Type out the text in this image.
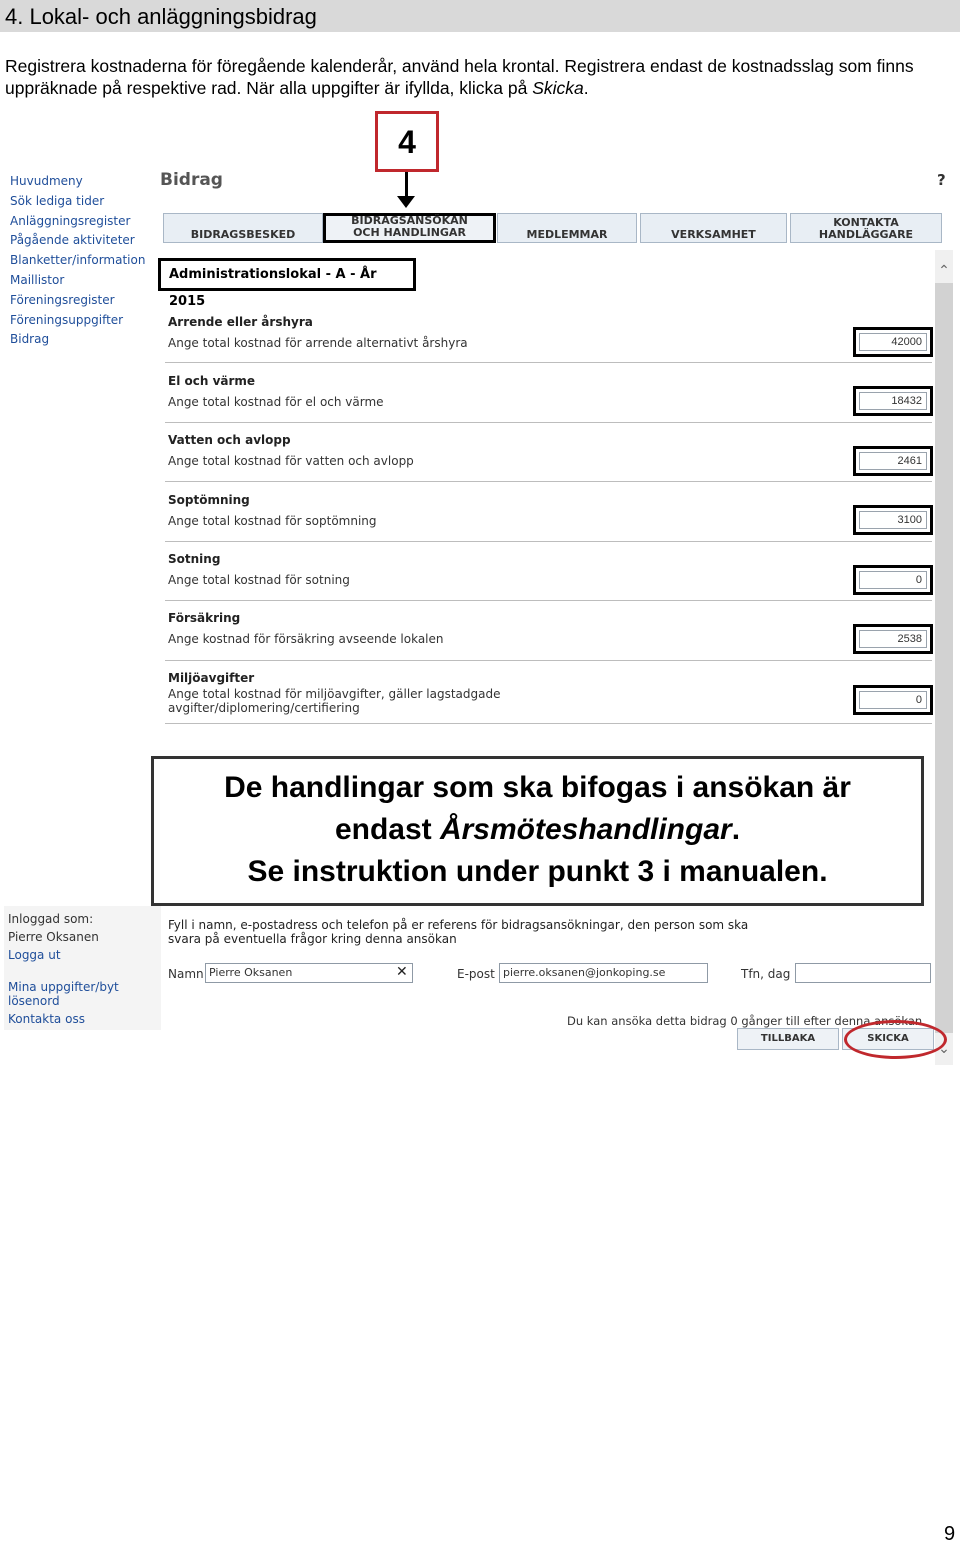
4. Lokal- och anläggningsbidrag
Registrera kostnaderna för föregående kalenderår, använd hela krontal. Registrera endast de kostnadsslag som finns uppräknade på respektive rad. När alla uppgifter är ifyllda, klicka på Skicka.
Huvudmeny
Sök lediga tider
Anläggningsregister
Pågående aktiviteter
Blanketter/information
Maillistor
Föreningsregister
Föreningsuppgifter
Bidrag
Bidrag	?
4

BIDRAGSBESKED
BIDRAGSANSÖKAN
OCH HANDLINGAR	MEDLEMMAR	VERKSAMHET
KONTAKTA
HANDLÄGGARE
Administrationslokal - A - År 2015
⌃
⌄
Arrende eller årshyra
Ange total kostnad för arrende alternativt årshyra	42000
El och värme
Ange total kostnad för el och värme	18432
Vatten och avlopp
Ange total kostnad för vatten och avlopp	2461
Soptömning
Ange total kostnad för soptömning	3100
Sotning
Ange total kostnad för sotning	0
Försäkring
Ange kostnad för försäkring avseende lokalen	2538
Miljöavgifter
Ange total kostnad för miljöavgifter, gäller lagstadgade avgifter/diplomering/certifiering
0
De handlingar som ska bifogas i ansökan är
endast Årsmöteshandlingar.
Se instruktion under punkt 3 i manualen.
Inloggad som:
Pierre Oksanen
Logga ut
Mina uppgifter/byt lösenord
Kontakta oss
Fyll i namn, e-postadress och telefon på er referens för bidragsansökningar, den person som ska svara på eventuella frågor kring denna ansökan
Namn Pierre Oksanen	✕	E-post pierre.oksanen@jonkoping.se	Tfn, dag
Du kan ansöka detta bidrag 0 gånger till efter denna ansökan
TILLBAKA	SKICKA
9
